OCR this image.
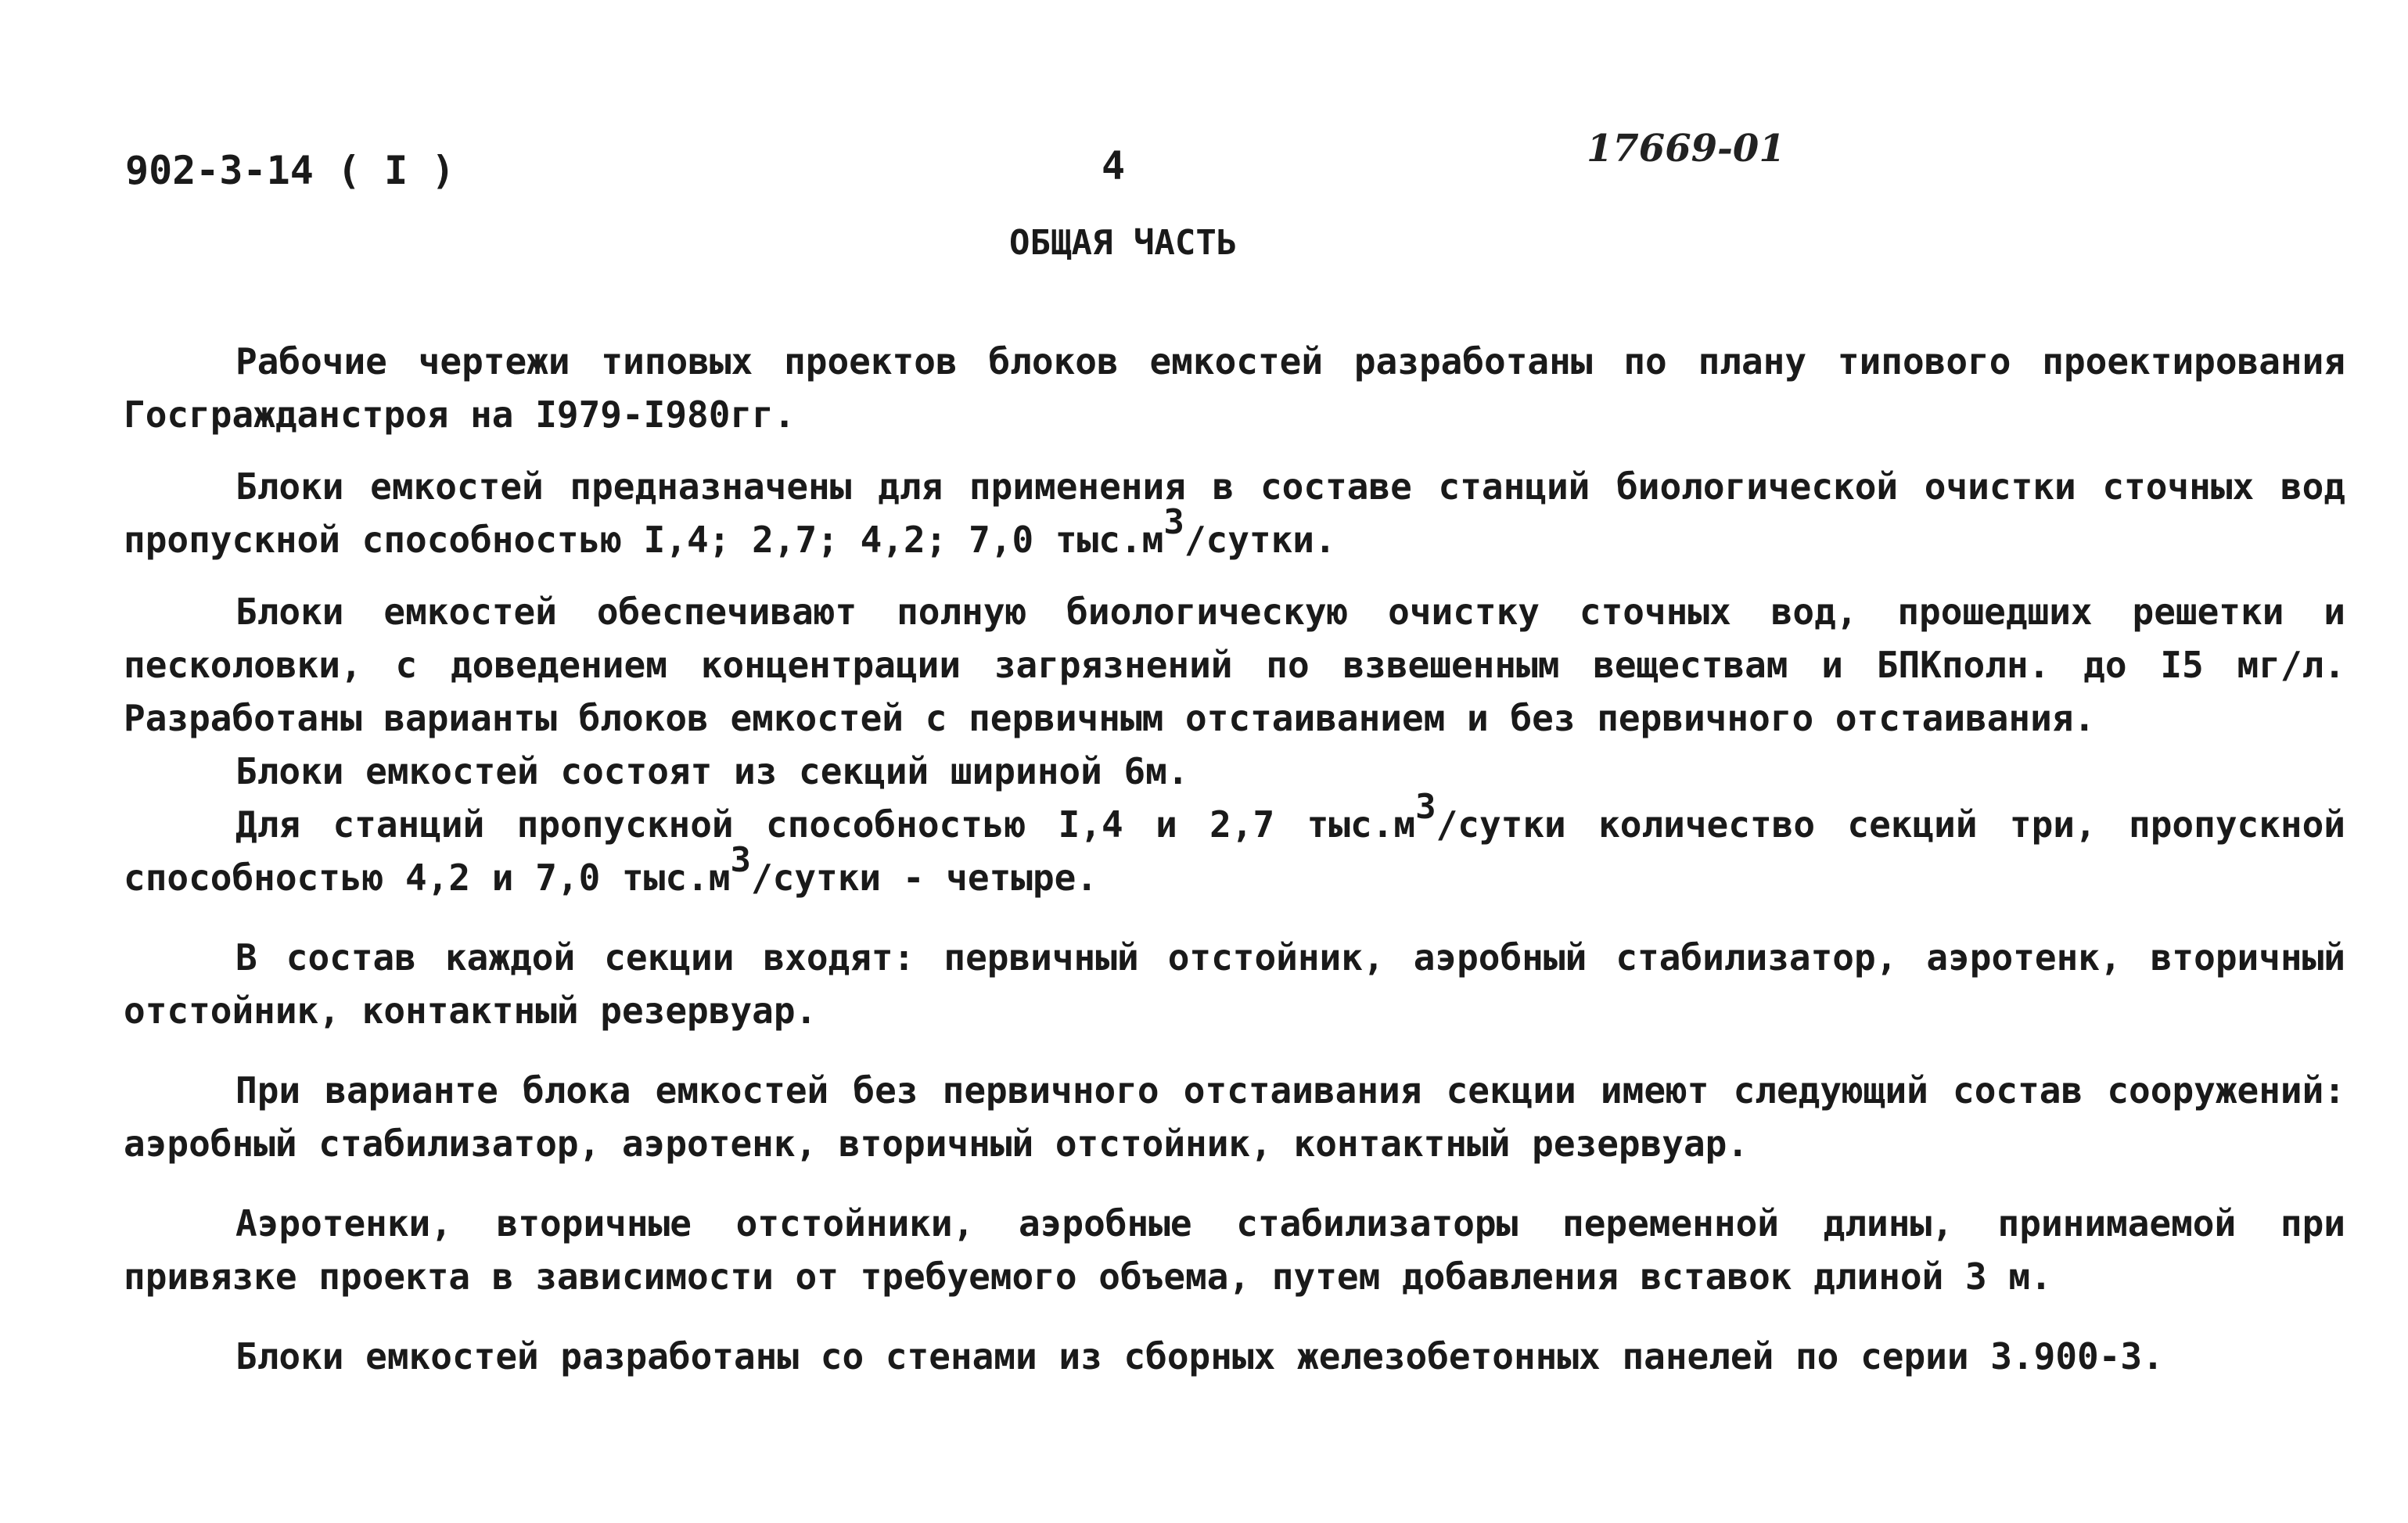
902-3-14 ( I )	4	17669-01
ОБЩАЯ ЧАСТЬ

Рабочие чертежи типовых проектов блоков емкостей разработаны по плану типового проектирования Госгражданстроя на I979-I980гг.

Блоки емкостей предназначены для применения в составе станций биологической очистки сточных вод пропускной способностью I,4; 2,7; 4,2; 7,0 $тыс.м^3$/сутки.

Блоки емкостей обеспечивают полную биологическую очистку сточных вод, прошедших решетки и песколовки, с доведением концентрации загрязнений по взвешенным веществам и БПКполн. до I5 мг/л. Разработаны варианты блоков емкостей с первичным отстаиванием и без первичного отстаивания.

Блоки емкостей состоят из секций шириной 6м.

Для станций пропускной способностью I,4 и 2,7 $тыс.м^3$/сутки количество секций три, пропускной способностью 4,2 и 7,0 $тыс.м^3$/сутки - четыре.

В состав каждой секции входят: первичный отстойник, аэробный стабилизатор, аэротенк, вторичный отстойник, контактный резервуар.

При варианте блока емкостей без первичного отстаивания секции имеют следующий состав сооружений: аэробный стабилизатор, аэротенк, вторичный отстойник, контактный резервуар.

Аэротенки, вторичные отстойники, аэробные стабилизаторы переменной длины, принимаемой при привязке проекта в зависимости от требуемого объема, путем добавления вставок длиной 3 м.

Блоки емкостей разработаны со стенами из сборных железобетонных панелей по серии 3.900-3.
